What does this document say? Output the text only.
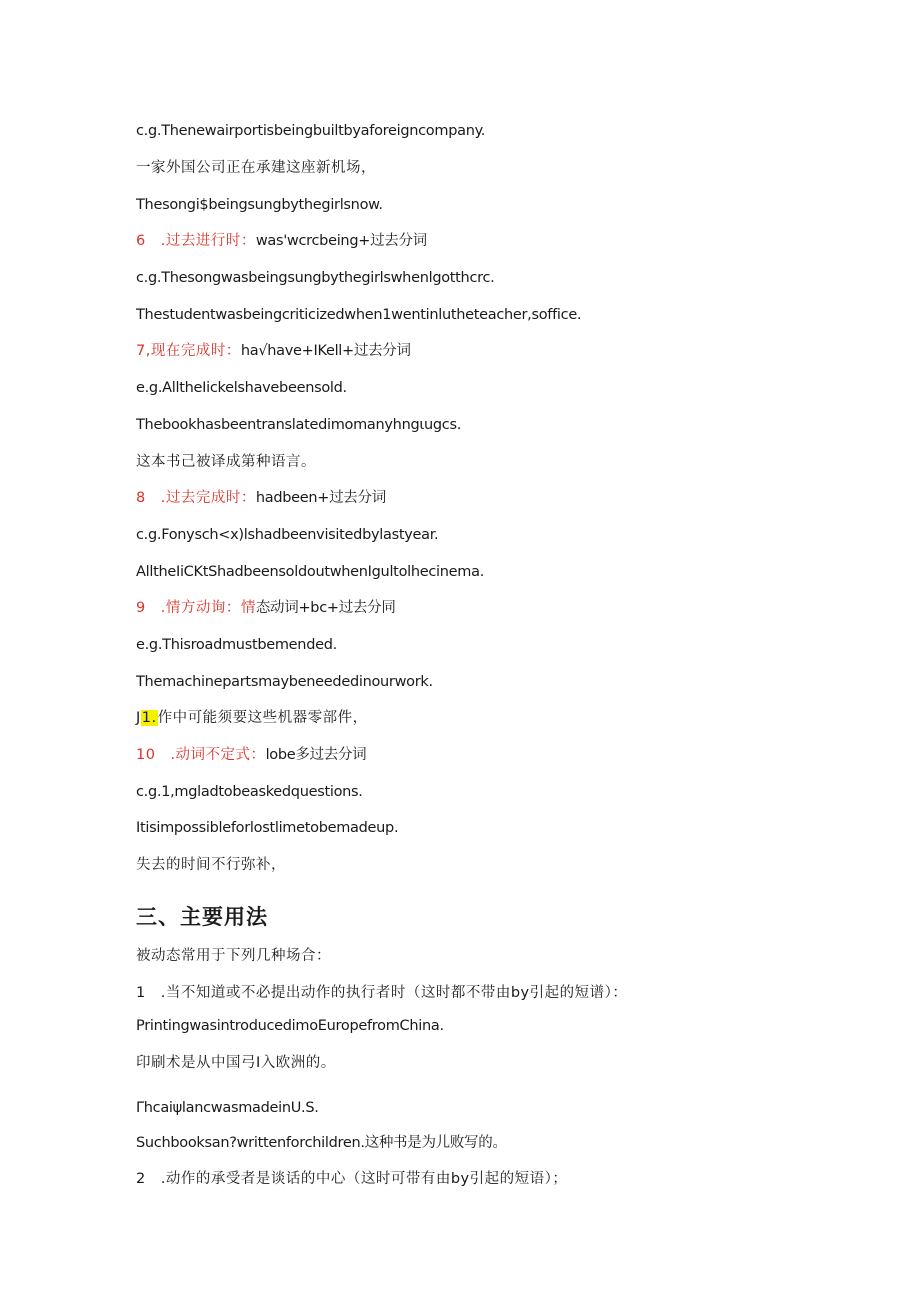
c.g.Thenewairportisbeingbuiltbyaforeigncompany.
一家外国公司正在承建这座新机场，
Thesongi$beingsungbythegirlsnow.
6　.过去进行时：was'wcrcbeing+过去分词
c.g.Thesongwasbeingsungbythegirlswhenlgotthcrc.
Thestudentwasbeingcriticizedwhen1wentinlutheteacher,soffice.
7,现在完成时：ha√have+IKell+过去分词
e.g.AlltheIickelshavebeensold.
Thebookhasbeentranslatedimomanyhngιugcs.
这本书己被译成第种语言。
8　.过去完成时：hadbeen+过去分词
c.g.Fonysch<x)lshadbeenvisitedbylastyear.
AlltheIiCKtShadbeensoldoutwhenIgultolhecinema.
9　.情方动询：情态动词+bc+过去分同
e.g.Thisroadmustbemended.
Themachinepartsmaybeneededinourwork.
J1.作中可能须要这些机器零部件，
10　.动词不定式：lobe多过去分词
c.g.1,mgladtobeaskedquestions.
Itisimpossibleforlostlimetobemadeup.
失去的时间不行弥补，
三、主要用法
被动态常用于下列几种场合：
1　.当不知道或不必提出动作的执行者时（这时都不带由by引起的短谱）：
PrintingwasintroducedimoEuropefromChina.
印刷术是从中国弓I入欧洲的。
ΓhcaiψlancwasmadeinU.S.
Suchbooksan?writtenforchildren.这种书是为儿败写的。
2　.动作的承受者是谈话的中心（这时可带有由by引起的短语）；
